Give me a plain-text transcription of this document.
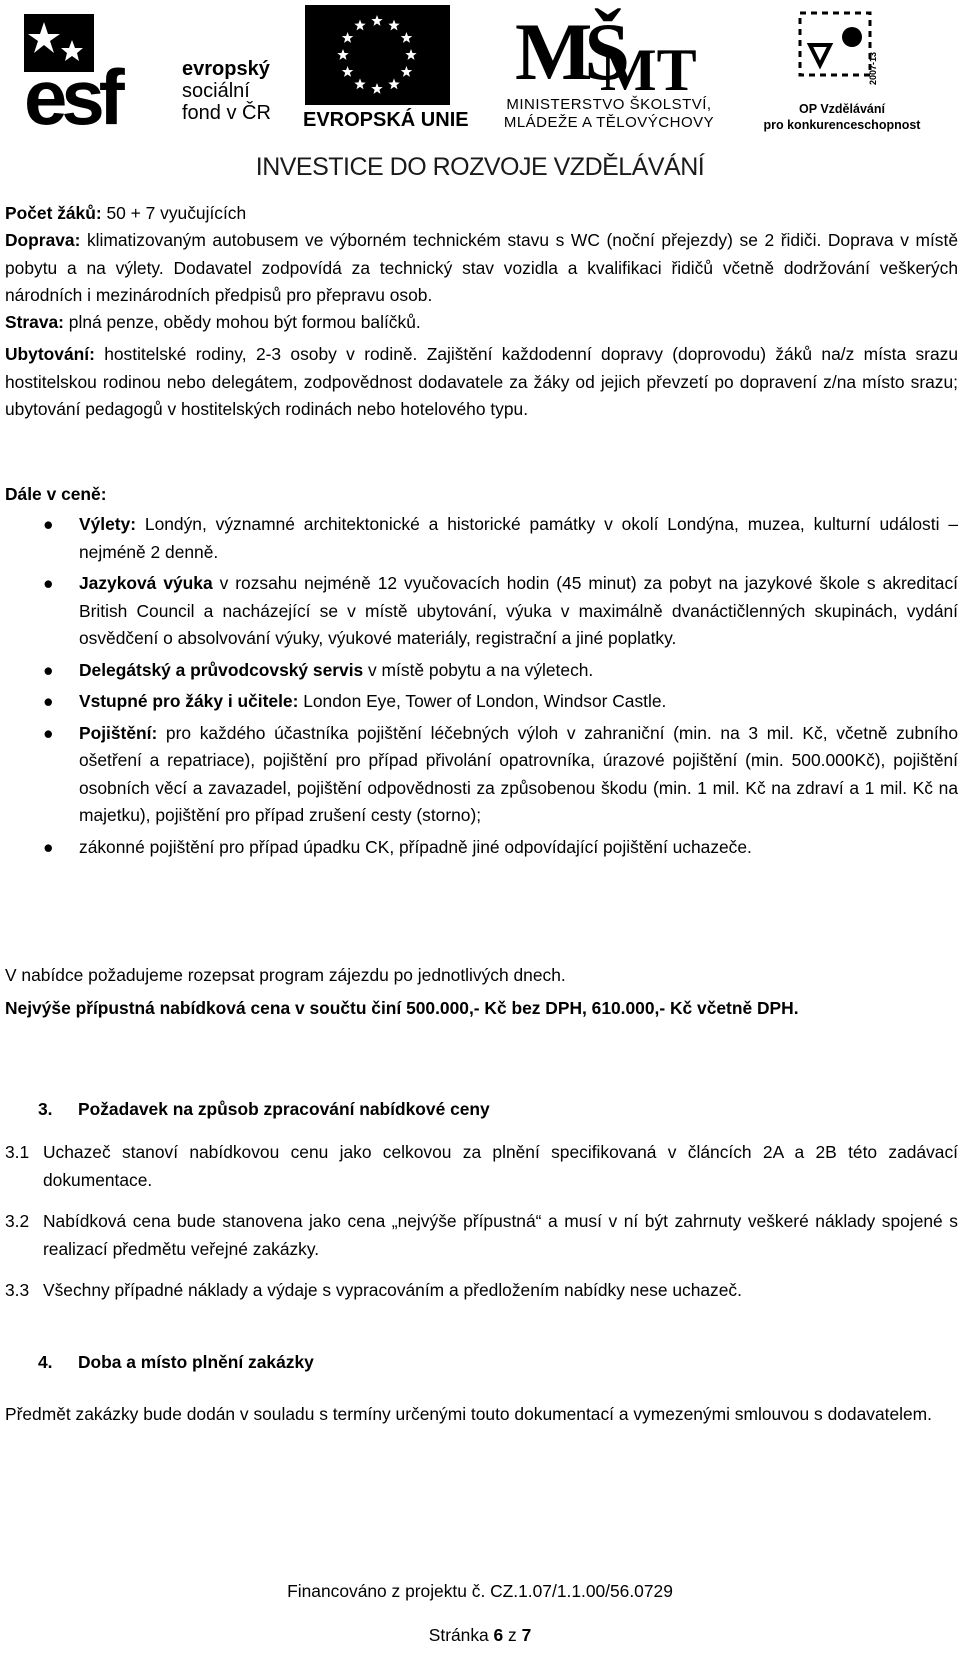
esf	evropský
sociální
fond v ČR EVROPSKÁ UNIE
MŠ
MT
MINISTERSTVO ŠKOLSTVÍ,
MLÁDEŽE A TĚLOVÝCHOVY
2007-13
OP Vzdělávání
pro konkurenceschopnost
INVESTICE DO ROZVOJE VZDĚLÁVÁNÍ
Počet žáků: 50 + 7 vyučujících
Doprava: klimatizovaným autobusem ve výborném technickém stavu s WC (noční přejezdy) se 2 řidiči. Doprava v místě pobytu a na výlety. Dodavatel zodpovídá za technický stav vozidla a kvalifikaci řidičů včetně dodržování veškerých národních i mezinárodních předpisů pro přepravu osob.
Strava: plná penze, obědy mohou být formou balíčků.
Ubytování: hostitelské rodiny, 2-3 osoby v rodině. Zajištění každodenní dopravy (doprovodu) žáků na/z místa srazu hostitelskou rodinou nebo delegátem, zodpovědnost dodavatele za žáky od jejich převzetí po dopravení z/na místo srazu; ubytování pedagogů v hostitelských rodinách nebo hotelového typu.
Dále v ceně:
● Výlety: Londýn, významné architektonické a historické památky v okolí Londýna, muzea, kulturní události – nejméně 2 denně.
● Jazyková výuka v rozsahu nejméně 12 vyučovacích hodin (45 minut) za pobyt na jazykové škole s akreditací British Council a nacházející se v místě ubytování, výuka v maximálně dvanáctičlenných skupinách, vydání osvědčení o absolvování výuky, výukové materiály, registrační a jiné poplatky.
● Delegátský a průvodcovský servis v místě pobytu a na výletech.
● Vstupné pro žáky i učitele: London Eye, Tower of London, Windsor Castle.
● Pojištění: pro každého účastníka pojištění léčebných výloh v zahraniční (min. na 3 mil. Kč, včetně zubního ošetření a repatriace), pojištění pro případ přivolání opatrovníka, úrazové pojištění (min. 500.000Kč), pojištění osobních věcí a zavazadel, pojištění odpovědnosti za způsobenou škodu (min. 1 mil. Kč na zdraví a 1 mil. Kč na majetku), pojištění pro případ zrušení cesty (storno);
● zákonné pojištění pro případ úpadku CK, případně jiné odpovídající pojištění uchazeče.
V nabídce požadujeme rozepsat program zájezdu po jednotlivých dnech.
Nejvýše přípustná nabídková cena v součtu činí 500.000,- Kč bez DPH, 610.000,- Kč včetně DPH.
3. Požadavek na způsob zpracování nabídkové ceny
3.1 Uchazeč stanoví nabídkovou cenu jako celkovou za plnění specifikovaná v článcích 2A a 2B této zadávací dokumentace.
3.2 Nabídková cena bude stanovena jako cena „nejvýše přípustná“ a musí v ní být zahrnuty veškeré náklady spojené s realizací předmětu veřejné zakázky.
3.3 Všechny případné náklady a výdaje s vypracováním a předložením nabídky nese uchazeč.
4. Doba a místo plnění zakázky
Předmět zakázky bude dodán v souladu s termíny určenými touto dokumentací a vymezenými smlouvou s dodavatelem.
Financováno z projektu č. CZ.1.07/1.1.00/56.0729
Stránka 6 z 7
